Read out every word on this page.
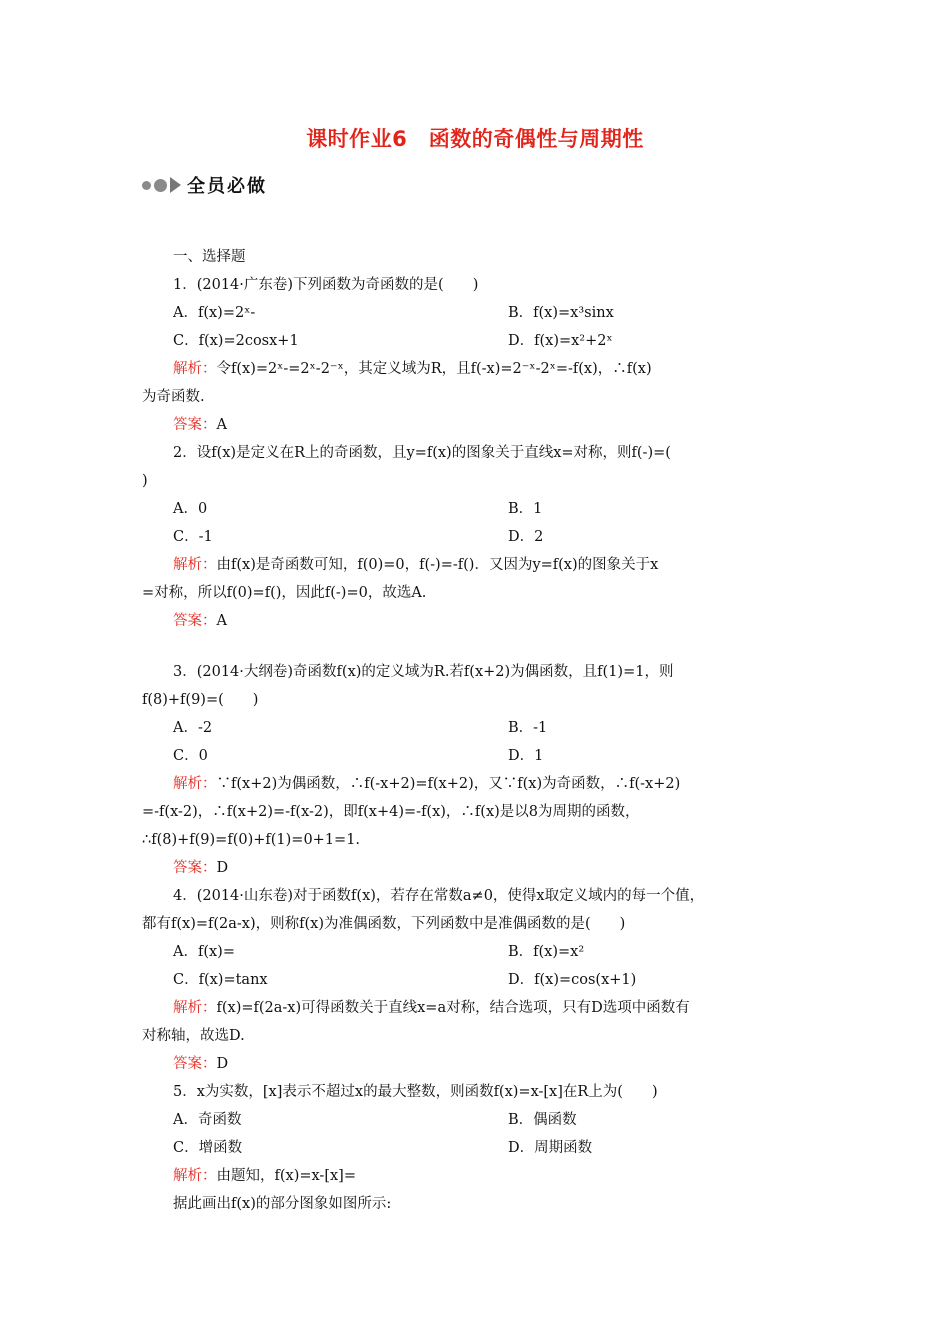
课时作业6　函数的奇偶性与周期性
全员必做
一、选择题
1．(2014·广东卷)下列函数为奇函数的是(　　)
A．f(x)=2ˣ-	B．f(x)=x³sinx
C．f(x)=2cosx+1	D．f(x)=x²+2ˣ
解析：令f(x)=2ˣ-=2ˣ-2⁻ˣ，其定义域为R，且f(-x)=2⁻ˣ-2ˣ=-f(x)，∴f(x)
为奇函数.
答案：A
2．设f(x)是定义在R上的奇函数，且y=f(x)的图象关于直线x=对称，则f(-)=(
)
A．0	B．1
C．-1	D．2
解析：由f(x)是奇函数可知，f(0)=0，f(-)=-f()．又因为y=f(x)的图象关于x
=对称，所以f(0)=f()，因此f(-)=0，故选A.
答案：A
3．(2014·大纲卷)奇函数f(x)的定义域为R.若f(x+2)为偶函数，且f(1)=1，则
f(8)+f(9)=(　　)
A．-2	B．-1
C．0	D．1
解析：∵f(x+2)为偶函数，∴f(-x+2)=f(x+2)，又∵f(x)为奇函数，∴f(-x+2)
=-f(x-2)，∴f(x+2)=-f(x-2)，即f(x+4)=-f(x)，∴f(x)是以8为周期的函数，
∴f(8)+f(9)=f(0)+f(1)=0+1=1.
答案：D
4．(2014·山东卷)对于函数f(x)，若存在常数a≠0，使得x取定义域内的每一个值，
都有f(x)=f(2a-x)，则称f(x)为准偶函数，下列函数中是准偶函数的是(　　)
A．f(x)=	B．f(x)=x²
C．f(x)=tanx	D．f(x)=cos(x+1)
解析：f(x)=f(2a-x)可得函数关于直线x=a对称，结合选项，只有D选项中函数有
对称轴，故选D.
答案：D
5．x为实数，[x]表示不超过x的最大整数，则函数f(x)=x-[x]在R上为(　　)
A．奇函数	B．偶函数
C．增函数	D．周期函数
解析：由题知，f(x)=x-[x]=
据此画出f(x)的部分图象如图所示:
